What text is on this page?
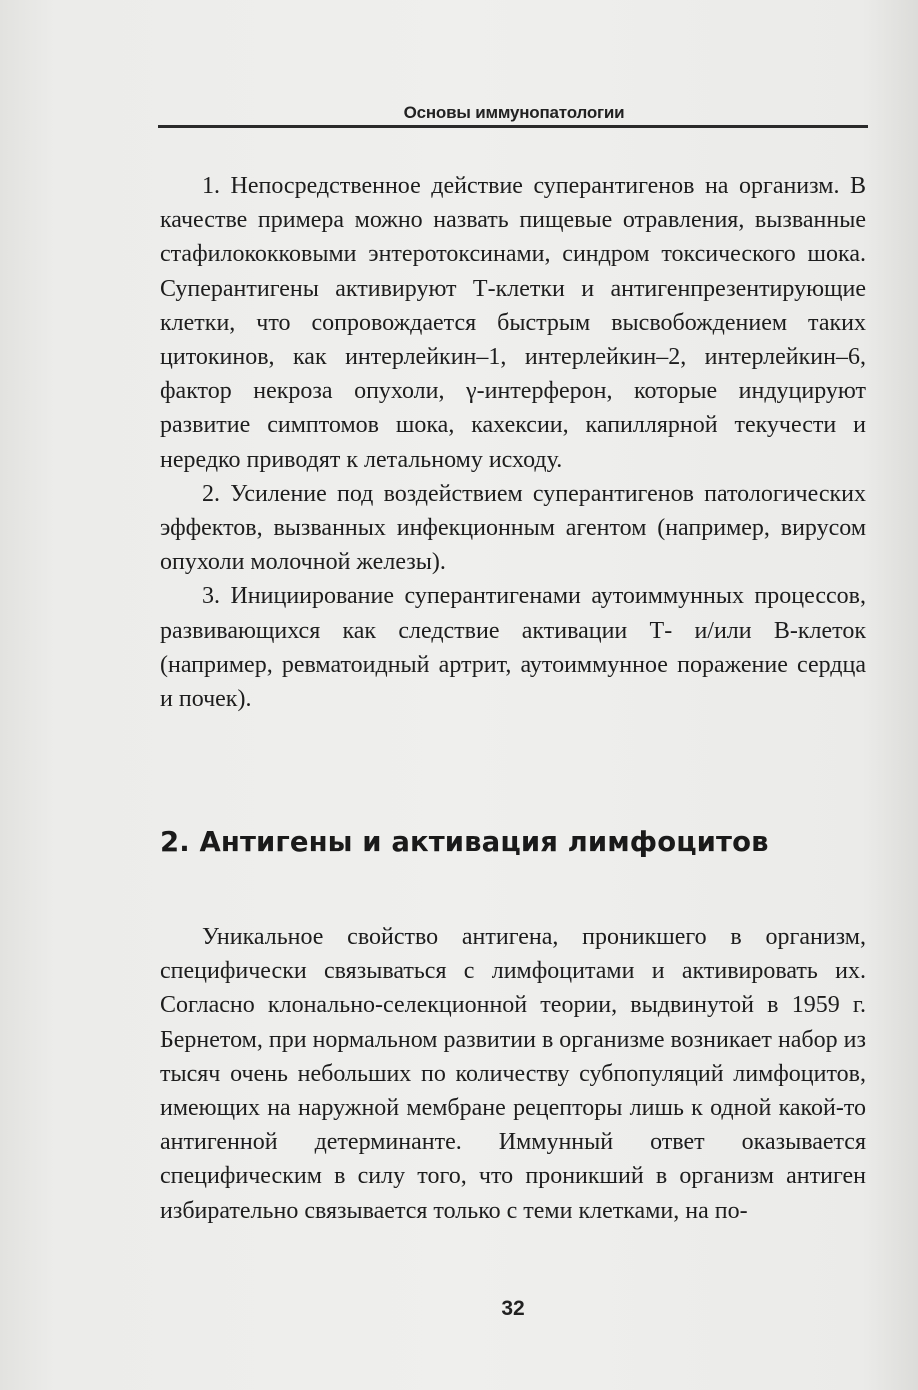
Основы иммунопатологии

1. Непосредственное действие суперантигенов на организм. В качестве примера можно назвать пищевые отравления, вызванные стафилококковыми энтеротоксинами, синдром токсического шока. Суперантигены активируют Т-клетки и антигенпрезентирующие клетки, что сопровождается быстрым высвобождением таких цитокинов, как интерлейкин–1, интерлейкин–2, интерлейкин–6, фактор некроза опухоли, γ-интерферон, которые индуцируют развитие симптомов шока, кахексии, капиллярной текучести и нередко приводят к летальному исходу.

2. Усиление под воздействием суперантигенов патологических эффектов, вызванных инфекционным агентом (например, вирусом опухоли молочной железы).

3. Инициирование суперантигенами аутоиммунных процессов, развивающихся как следствие активации Т- и/или В-клеток (например, ревматоидный артрит, аутоиммунное поражение сердца и почек).

2. Антигены и активация лимфоцитов

Уникальное свойство антигена, проникшего в организм, специфически связываться с лимфоцитами и активировать их. Согласно клонально-селекционной теории, выдвинутой в 1959 г. Бернетом, при нормальном развитии в организме возникает набор из тысяч очень небольших по количеству субпопуляций лимфоцитов, имеющих на наружной мембране рецепторы лишь к одной какой-то антигенной детерминанте. Иммунный ответ оказывается специфическим в силу того, что проникший в организм антиген избирательно связывается только с теми клетками, на по-

32
